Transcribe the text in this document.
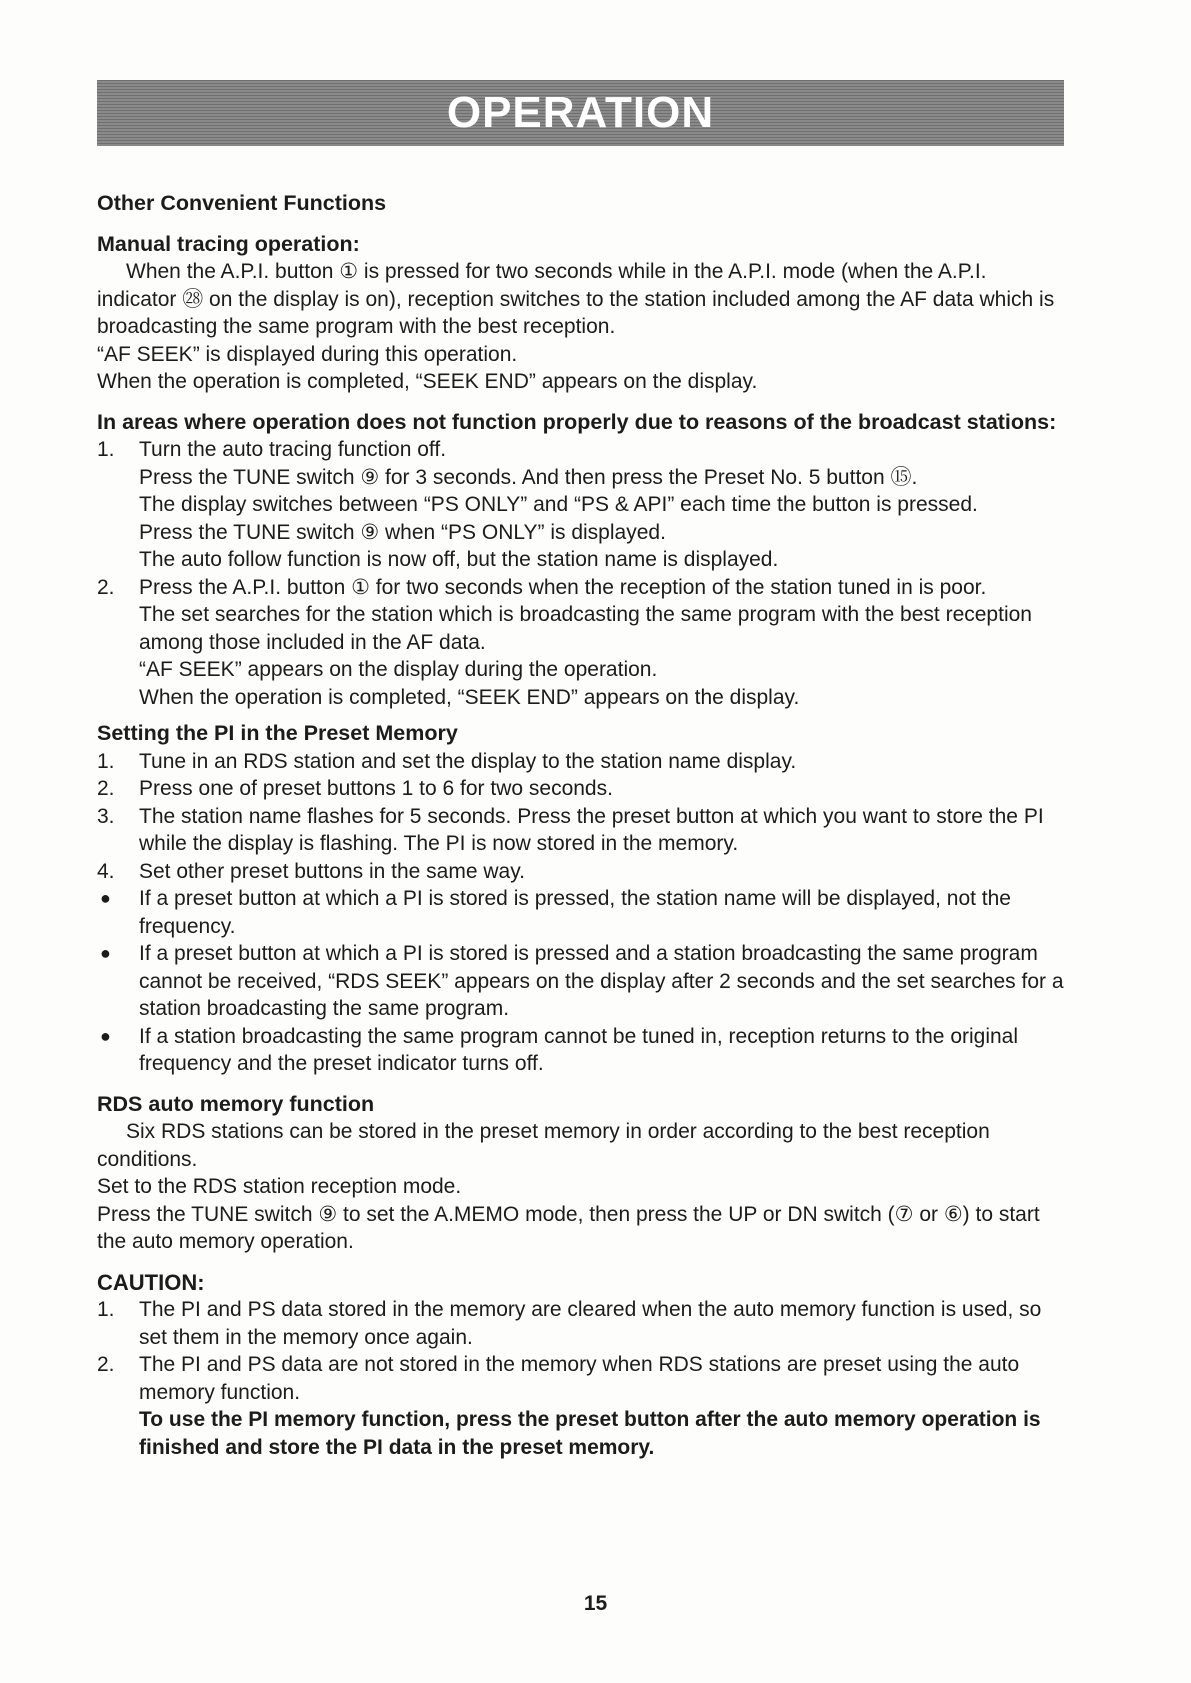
OPERATION
Other Convenient Functions
Manual tracing operation:

When the A.P.I. button ① is pressed for two seconds while in the A.P.I. mode (when the A.P.I. indicator ㉘ on the display is on), reception switches to the station included among the AF data which is broadcasting the same program with the best reception.

“AF SEEK” is displayed during this operation.

When the operation is completed, “SEEK END” appears on the display.

In areas where operation does not function properly due to reasons of the broadcast stations:
1.	Turn the auto tracing function off.

Press the TUNE switch ⑨ for 3 seconds. And then press the Preset No. 5 button ⑮.

The display switches between “PS ONLY” and “PS & API” each time the button is pressed.

Press the TUNE switch ⑨ when “PS ONLY” is displayed.

The auto follow function is now off, but the station name is displayed.

2.	Press the A.P.I. button ① for two seconds when the reception of the station tuned in is poor.

The set searches for the station which is broadcasting the same program with the best reception among those included in the AF data.

“AF SEEK” appears on the display during the operation.

When the operation is completed, “SEEK END” appears on the display.

Setting the PI in the Preset Memory
1.	Tune in an RDS station and set the display to the station name display.
2.	Press one of preset buttons 1 to 6 for two seconds.
3.	The station name flashes for 5 seconds. Press the preset button at which you want to store the PI while the display is flashing. The PI is now stored in the memory.
4.	Set other preset buttons in the same way.
● If a preset button at which a PI is stored is pressed, the station name will be displayed, not the frequency.
● If a preset button at which a PI is stored is pressed and a station broadcasting the same program cannot be received, “RDS SEEK” appears on the display after 2 seconds and the set searches for a station broadcasting the same program.
● If a station broadcasting the same program cannot be tuned in, reception returns to the original frequency and the preset indicator turns off.
RDS auto memory function

Six RDS stations can be stored in the preset memory in order according to the best reception conditions.

Set to the RDS station reception mode.

Press the TUNE switch ⑨ to set the A.MEMO mode, then press the UP or DN switch (⑦ or ⑥) to start the auto memory operation.

CAUTION:
1.	The PI and PS data stored in the memory are cleared when the auto memory function is used, so set them in the memory once again.
2.	The PI and PS data are not stored in the memory when RDS stations are preset using the auto memory function.

To use the PI memory function, press the preset button after the auto memory operation is finished and store the PI data in the preset memory.

15
